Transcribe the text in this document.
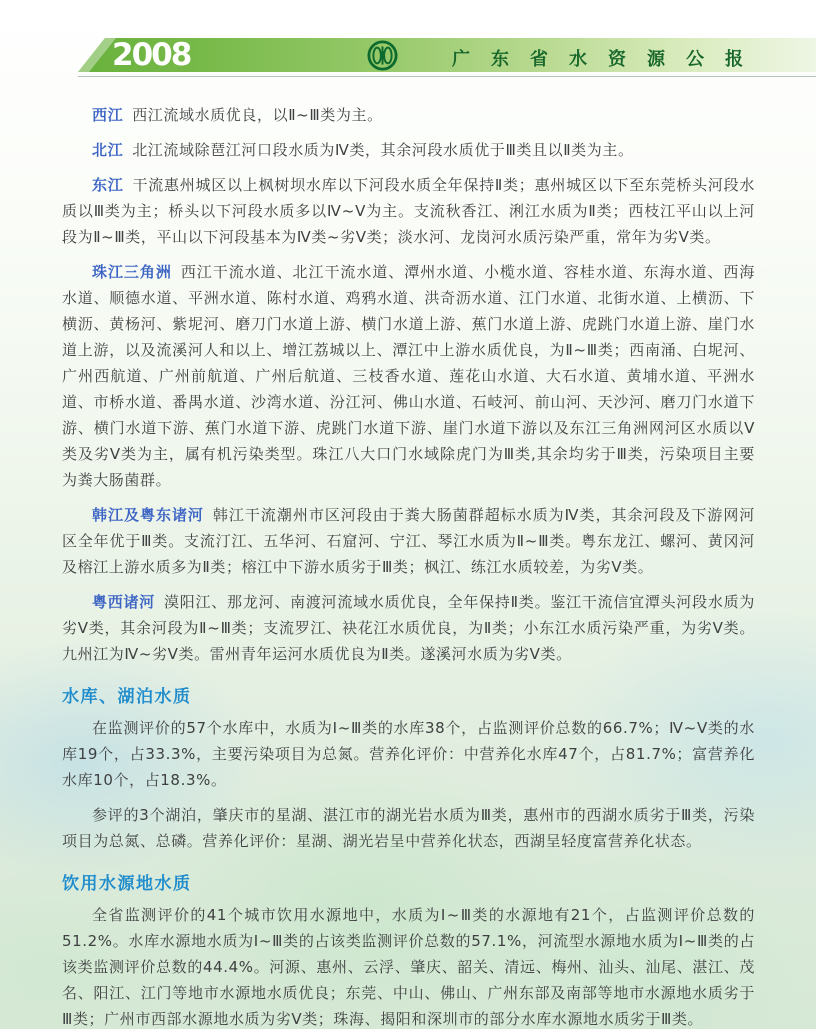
2008	广东省水资源公报

西江 西江流域水质优良，以Ⅱ~Ⅲ类为主。

北江 北江流域除琶江河口段水质为Ⅳ类，其余河段水质优于Ⅲ类且以Ⅱ类为主。

东江 干流惠州城区以上枫树坝水库以下河段水质全年保持Ⅱ类；惠州城区以下至东莞桥头河段水质以Ⅲ类为主；桥头以下河段水质多以Ⅳ~Ⅴ为主。支流秋香江、浰江水质为Ⅱ类；西枝江平山以上河段为Ⅱ~Ⅲ类，平山以下河段基本为Ⅳ类~劣Ⅴ类；淡水河、龙岗河水质污染严重，常年为劣Ⅴ类。

珠江三角洲 西江干流水道、北江干流水道、潭州水道、小榄水道、容桂水道、东海水道、西海水道、顺德水道、平洲水道、陈村水道、鸡鸦水道、洪奇沥水道、江门水道、北街水道、上横沥、下横沥、黄杨河、紫坭河、磨刀门水道上游、横门水道上游、蕉门水道上游、虎跳门水道上游、崖门水道上游，以及流溪河人和以上、增江荔城以上、潭江中上游水质优良，为Ⅱ~Ⅲ类；西南涌、白坭河、广州西航道、广州前航道、广州后航道、三枝香水道、莲花山水道、大石水道、黄埔水道、平洲水道、市桥水道、番禺水道、沙湾水道、汾江河、佛山水道、石岐河、前山河、天沙河、磨刀门水道下游、横门水道下游、蕉门水道下游、虎跳门水道下游、崖门水道下游以及东江三角洲网河区水质以Ⅴ类及劣Ⅴ类为主，属有机污染类型。珠江八大口门水域除虎门为Ⅲ类,其余均劣于Ⅲ类，污染项目主要为粪大肠菌群。

韩江及粤东诸河 韩江干流潮州市区河段由于粪大肠菌群超标水质为Ⅳ类，其余河段及下游网河区全年优于Ⅲ类。支流汀江、五华河、石窟河、宁江、琴江水质为Ⅱ~Ⅲ类。粤东龙江、螺河、黄冈河及榕江上游水质多为Ⅱ类；榕江中下游水质劣于Ⅲ类；枫江、练江水质较差，为劣Ⅴ类。

粤西诸河 漠阳江、那龙河、南渡河流域水质优良，全年保持Ⅱ类。鉴江干流信宜潭头河段水质为劣Ⅴ类，其余河段为Ⅱ~Ⅲ类；支流罗江、袂花江水质优良，为Ⅱ类；小东江水质污染严重，为劣Ⅴ类。九州江为Ⅳ~劣Ⅴ类。雷州青年运河水质优良为Ⅱ类。遂溪河水质为劣Ⅴ类。

水库、湖泊水质

在监测评价的57个水库中，水质为Ⅰ~Ⅲ类的水库38个，占监测评价总数的66.7%；Ⅳ~Ⅴ类的水库19个，占33.3%，主要污染项目为总氮。营养化评价：中营养化水库47个，占81.7%；富营养化水库10个，占18.3%。

参评的3个湖泊，肇庆市的星湖、湛江市的湖光岩水质为Ⅲ类，惠州市的西湖水质劣于Ⅲ类，污染项目为总氮、总磷。营养化评价：星湖、湖光岩呈中营养化状态，西湖呈轻度富营养化状态。

饮用水源地水质

全省监测评价的41个城市饮用水源地中，水质为Ⅰ~Ⅲ类的水源地有21个，占监测评价总数的51.2%。水库水源地水质为Ⅰ~Ⅲ类的占该类监测评价总数的57.1%，河流型水源地水质为Ⅰ~Ⅲ类的占该类监测评价总数的44.4%。河源、惠州、云浮、肇庆、韶关、清远、梅州、汕头、汕尾、湛江、茂名、阳江、江门等地市水源地水质优良；东莞、中山、佛山、广州东部及南部等地市水源地水质劣于Ⅲ类；广州市西部水源地水质为劣Ⅴ类；珠海、揭阳和深圳市的部分水库水源地水质劣于Ⅲ类。
